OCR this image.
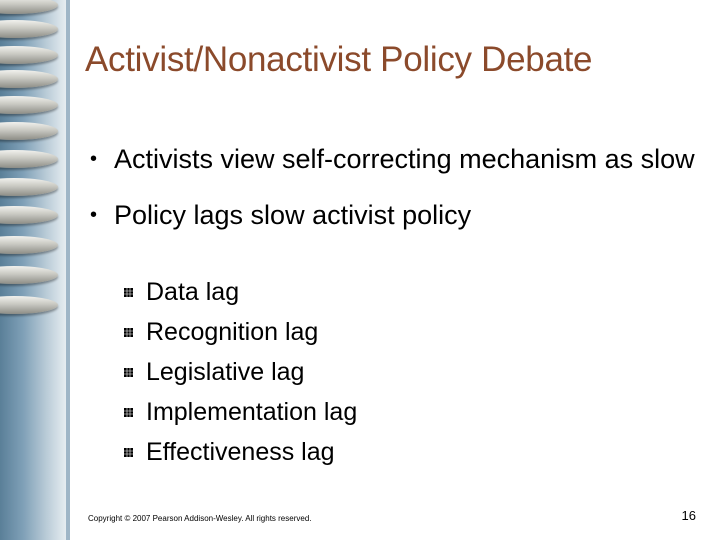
Activist/Nonactivist Policy Debate
• Activists view self-correcting mechanism as slow
• Policy lags slow activist policy
Data lag
Recognition lag
Legislative lag
Implementation lag
Effectiveness lag
Copyright © 2007 Pearson Addison-Wesley. All rights reserved.	16
